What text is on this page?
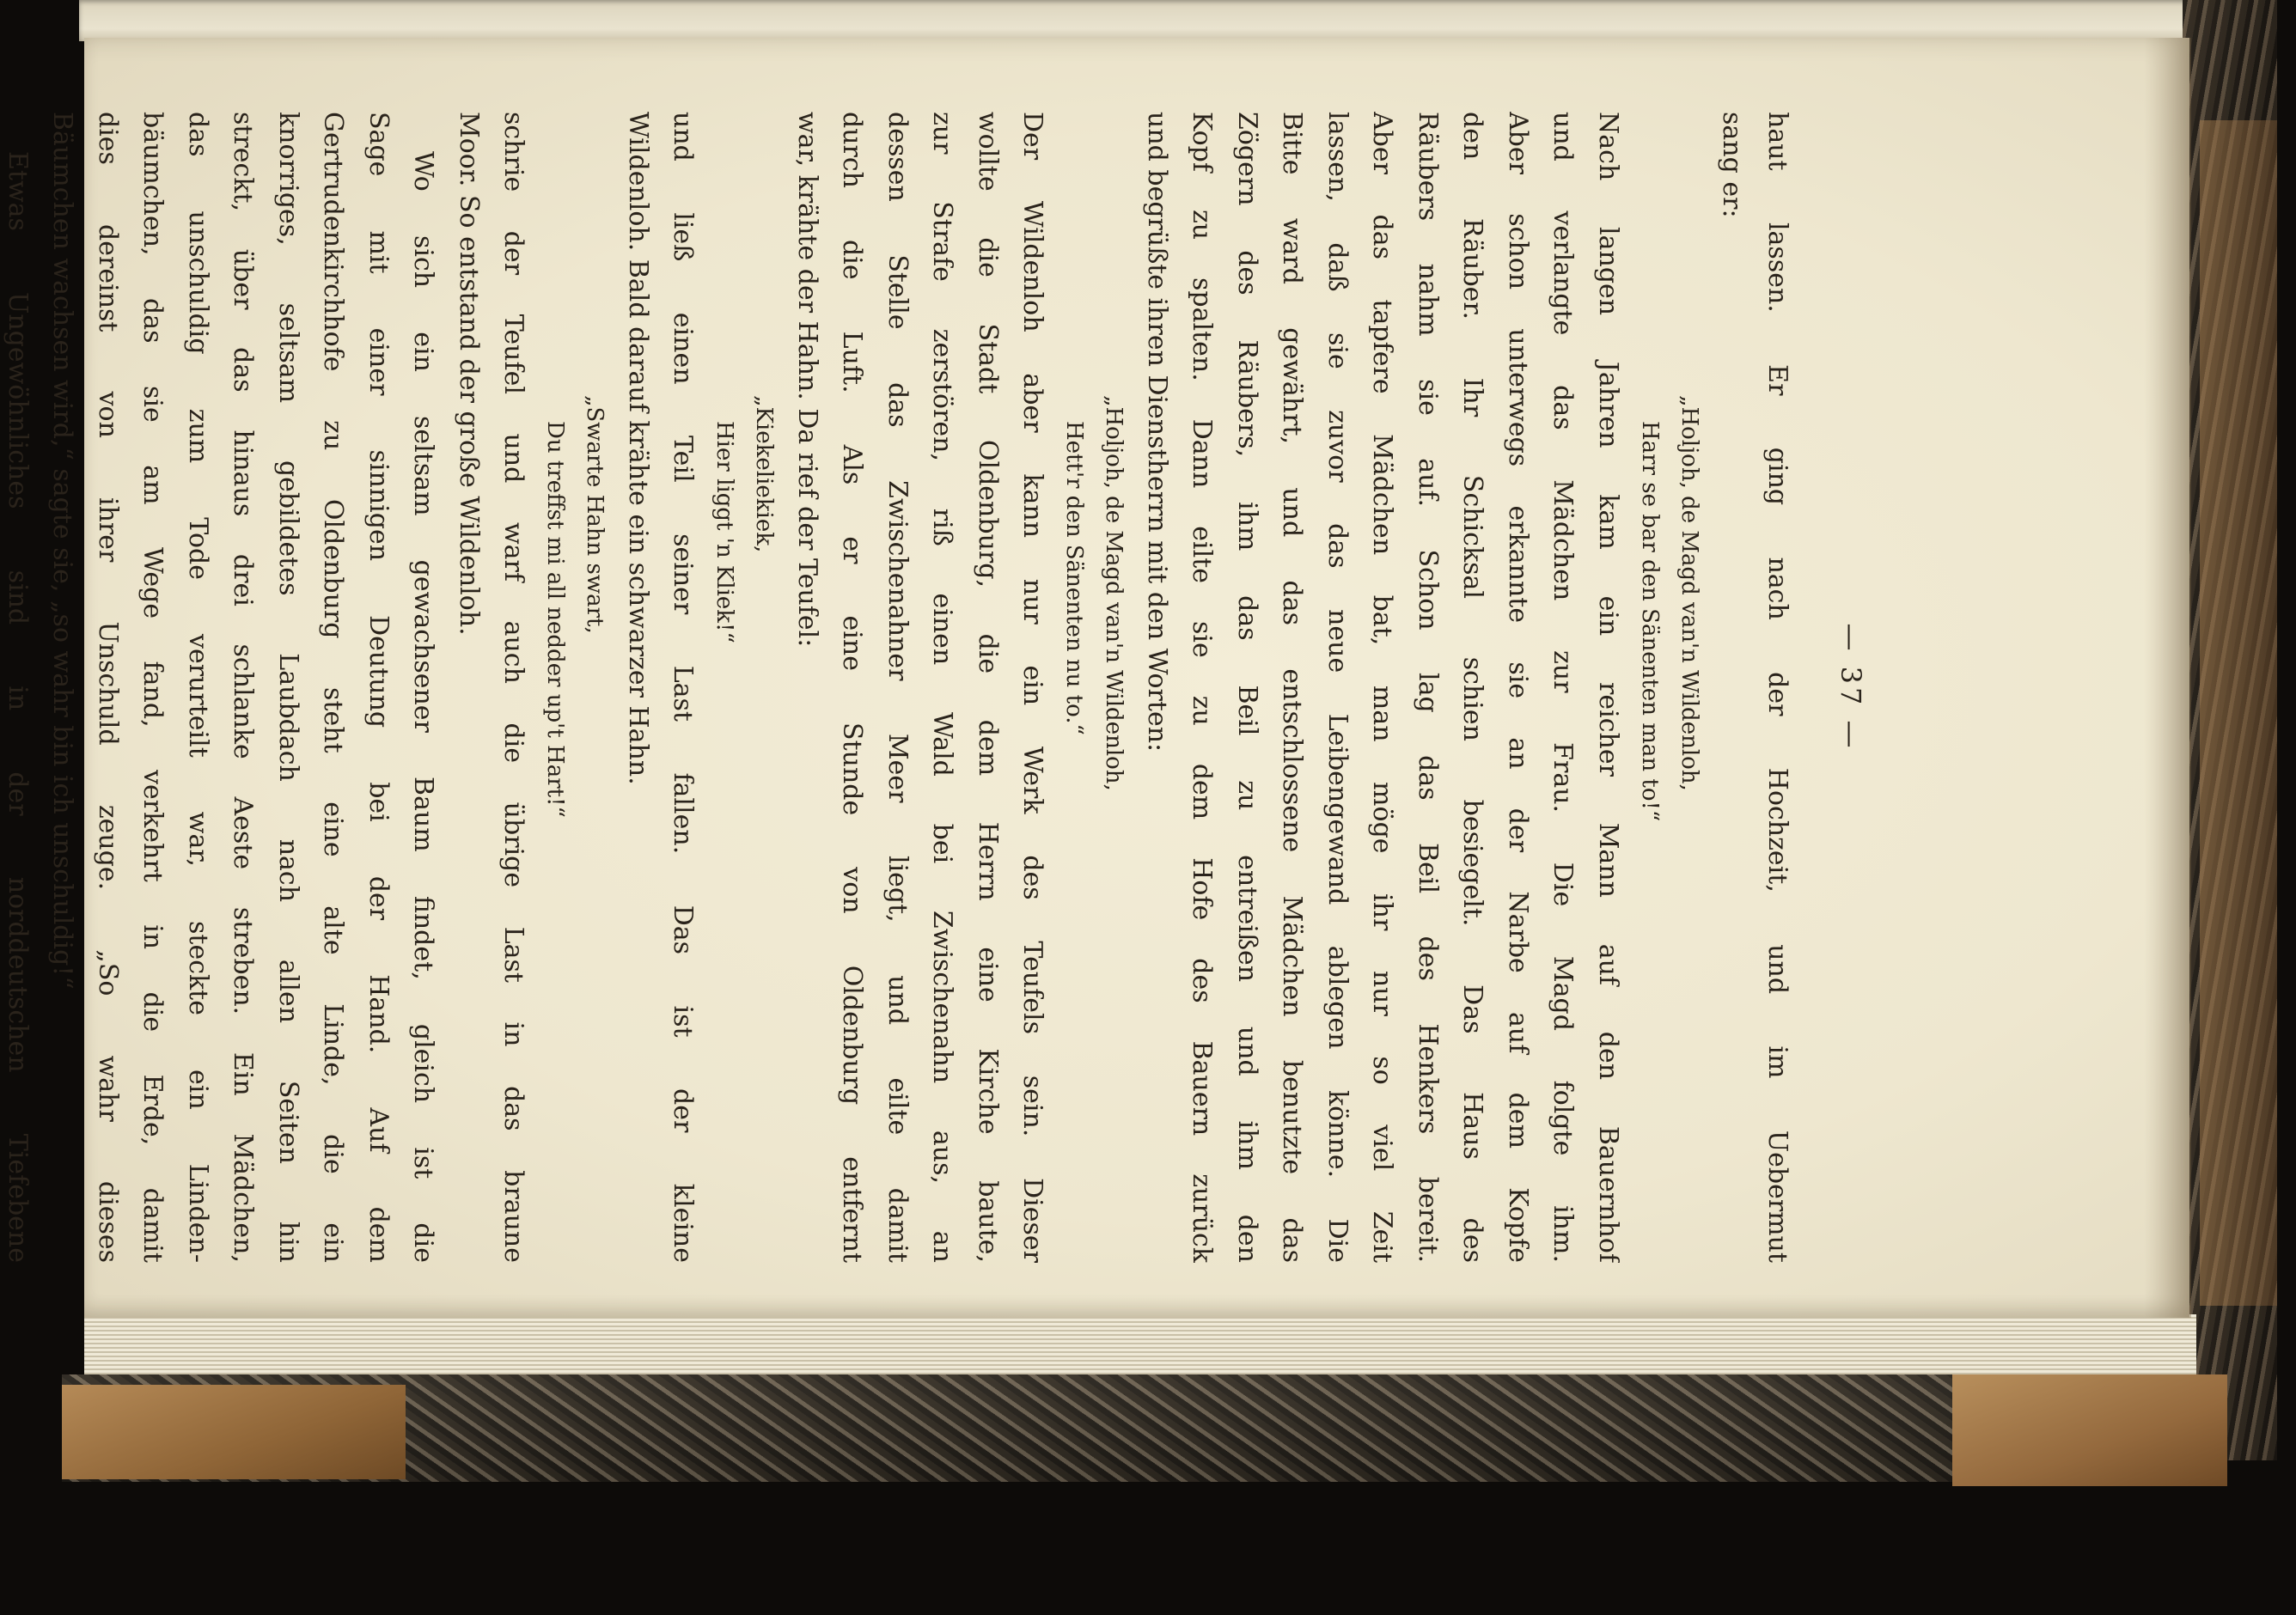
— 37 —
haut lassen. Er ging nach der Hochzeit, und im Uebermut
sang er:
„Holjoh, de Magd van'n Wildenloh,
Harr se bar den Sänenten man to!“
Nach langen Jahren kam ein reicher Mann auf den Bauernhof
und verlangte das Mädchen zur Frau. Die Magd folgte ihm.
Aber schon unterwegs erkannte sie an der Narbe auf dem Kopfe
den Räuber. Ihr Schicksal schien besiegelt. Das Haus des
Räubers nahm sie auf. Schon lag das Beil des Henkers bereit.
Aber das tapfere Mädchen bat, man möge ihr nur so viel Zeit
lassen, daß sie zuvor das neue Leibengewand ablegen könne. Die
Bitte ward gewährt, und das entschlossene Mädchen benutzte das
Zögern des Räubers, ihm das Beil zu entreißen und ihm den
Kopf zu spalten. Dann eilte sie zu dem Hofe des Bauern zurück
und begrüßte ihren Dienstherrn mit den Worten:
„Holjoh, de Magd van'n Wildenloh,
Hett'r den Sänenten nu to.“
Der Wildenloh aber kann nur ein Werk des Teufels sein. Dieser
wollte die Stadt Oldenburg, die dem Herrn eine Kirche baute,
zur Strafe zerstören, riß einen Wald bei Zwischenahn aus, an
dessen Stelle das Zwischenahner Meer liegt, und eilte damit
durch die Luft. Als er eine Stunde von Oldenburg entfernt
war, krähte der Hahn. Da rief der Teufel:
„Kiekeliekiek,
Hier liggt 'n Kliek!“
und ließ einen Teil seiner Last fallen. Das ist der kleine
Wildenloh. Bald darauf krähte ein schwarzer Hahn.
„Swarte Hahn swart,
Du treffst mi all nedder up't Hart!“
schrie der Teufel und warf auch die übrige Last in das braune
Moor. So entstand der große Wildenloh.
Wo sich ein seltsam gewachsener Baum findet, gleich ist die
Sage mit einer sinnigen Deutung bei der Hand. Auf dem
Gertrudenkirchhofe zu Oldenburg steht eine alte Linde, die ein
knorriges, seltsam gebildetes Laubdach nach allen Seiten hin
streckt, über das hinaus drei schlanke Aeste streben. Ein Mädchen,
das unschuldig zum Tode verurteilt war, steckte ein Linden-
bäumchen, das sie am Wege fand, verkehrt in die Erde, damit
dies dereinst von ihrer Unschuld zeuge. „So wahr dieses
Bäumchen wachsen wird,“ sagte sie, „so wahr bin ich unschuldig!“
Etwas Ungewöhnliches sind in der norddeutschen Tiefebene
